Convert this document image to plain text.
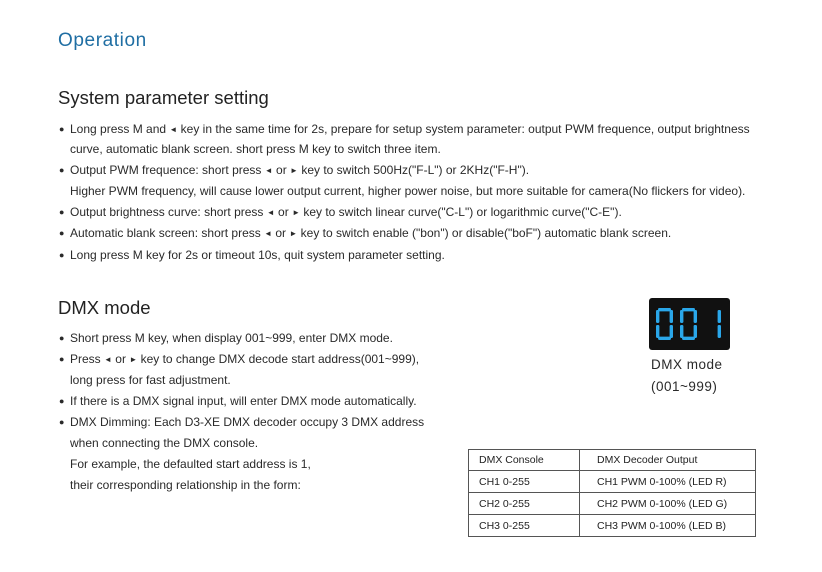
Operation
System parameter setting
● Long press M and ◄ key in the same time for 2s, prepare for setup system parameter: output PWM frequence, output brightness
curve, automatic blank screen. short press M key to switch three item.
● Output PWM frequence: short press ◄ or ► key to switch 500Hz("F-L") or 2KHz("F-H").
Higher PWM frequency, will cause lower output current, higher power noise, but more suitable for camera(No flickers for video).
● Output brightness curve: short press ◄ or ► key to switch linear curve("C-L") or logarithmic curve("C-E").
● Automatic blank screen: short press ◄ or ► key to switch enable ("bon") or disable("boF") automatic blank screen.
● Long press M key for 2s or timeout 10s, quit system parameter setting.
DMX mode
● Short press M key, when display 001~999, enter DMX mode.
● Press ◄ or ► key to change DMX decode start address(001~999),
long press for fast adjustment.
● If there is a DMX signal input, will enter DMX mode automatically.
● DMX Dimming: Each D3-XE DMX decoder occupy 3 DMX address
when connecting the DMX console.
For example, the defaulted start address is 1,
their corresponding relationship in the form:
001
DMX mode
(001~999)
DMX Console	DMX Decoder Output
CH1 0-255	CH1 PWM 0-100% (LED R)
CH2 0-255	CH2 PWM 0-100% (LED G)
CH3 0-255	CH3 PWM 0-100% (LED B)
